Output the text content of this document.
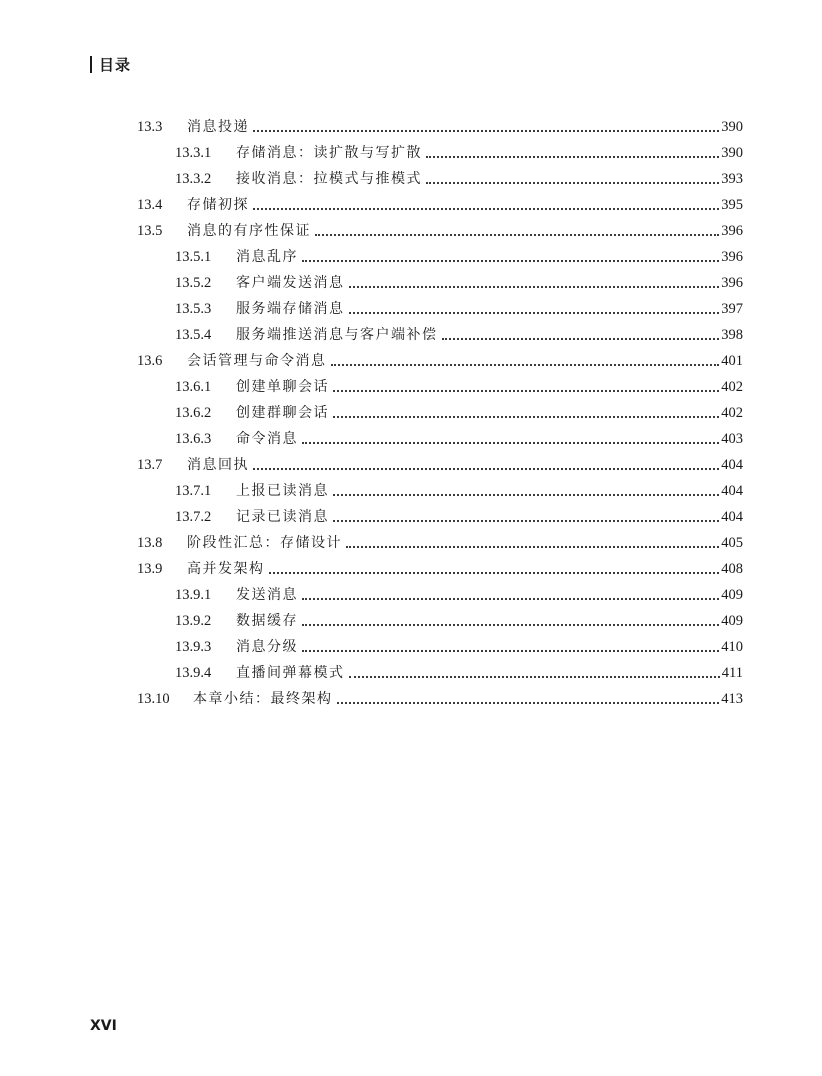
目录
13.3	消息投递	390
13.3.1	存储消息：读扩散与写扩散	390
13.3.2	接收消息：拉模式与推模式	393
13.4	存储初探	395
13.5	消息的有序性保证	396
13.5.1	消息乱序	396
13.5.2	客户端发送消息	396
13.5.3	服务端存储消息	397
13.5.4	服务端推送消息与客户端补偿	398
13.6	会话管理与命令消息	401
13.6.1	创建单聊会话	402
13.6.2	创建群聊会话	402
13.6.3	命令消息	403
13.7	消息回执	404
13.7.1	上报已读消息	404
13.7.2	记录已读消息	404
13.8	阶段性汇总：存储设计	405
13.9	高并发架构	408
13.9.1	发送消息	409
13.9.2	数据缓存	409
13.9.3	消息分级	410
13.9.4	直播间弹幕模式	411
13.10	本章小结：最终架构	413
XVI
